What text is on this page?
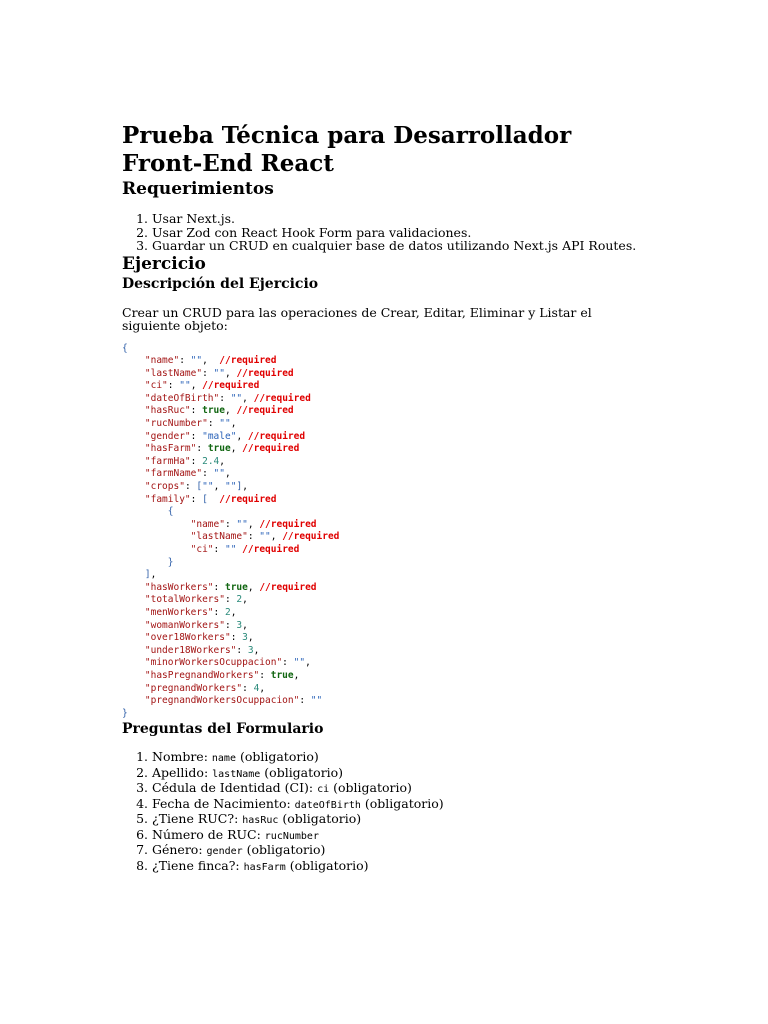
Prueba Técnica para Desarrollador
Front-End React
Requerimientos
1. Usar Next.js.
2. Usar Zod con React Hook Form para validaciones.
3. Guardar un CRUD en cualquier base de datos utilizando Next.js API Routes.
Ejercicio
Descripción del Ejercicio

Crear un CRUD para las operaciones de Crear, Editar, Eliminar y Listar el siguiente objeto:

{
"name": "",  //required
"lastName": "", //required
"ci": "", //required
"dateOfBirth": "", //required
"hasRuc": true, //required
"rucNumber": "",
"gender": "male", //required
"hasFarm": true, //required
"farmHa": 2.4,
"farmName": "",
"crops": ["", ""],
"family": [ //required
{
"name": "", //required
"lastName": "", //required
"ci": "" //required
}
],
"hasWorkers": true, //required
"totalWorkers": 2,
"menWorkers": 2,
"womanWorkers": 3,
"over18Workers": 3,
"under18Workers": 3,
"minorWorkersOcuppacion": "",
"hasPregnandWorkers": true,
"pregnandWorkers": 4,
"pregnandWorkersOcuppacion": ""
}
Preguntas del Formulario
1. Nombre: name (obligatorio)
2. Apellido: lastName (obligatorio)
3. Cédula de Identidad (CI): ci (obligatorio)
4. Fecha de Nacimiento: dateOfBirth (obligatorio)
5. ¿Tiene RUC?: hasRuc (obligatorio)
6. Número de RUC: rucNumber
7. Género: gender (obligatorio)
8. ¿Tiene finca?: hasFarm (obligatorio)
